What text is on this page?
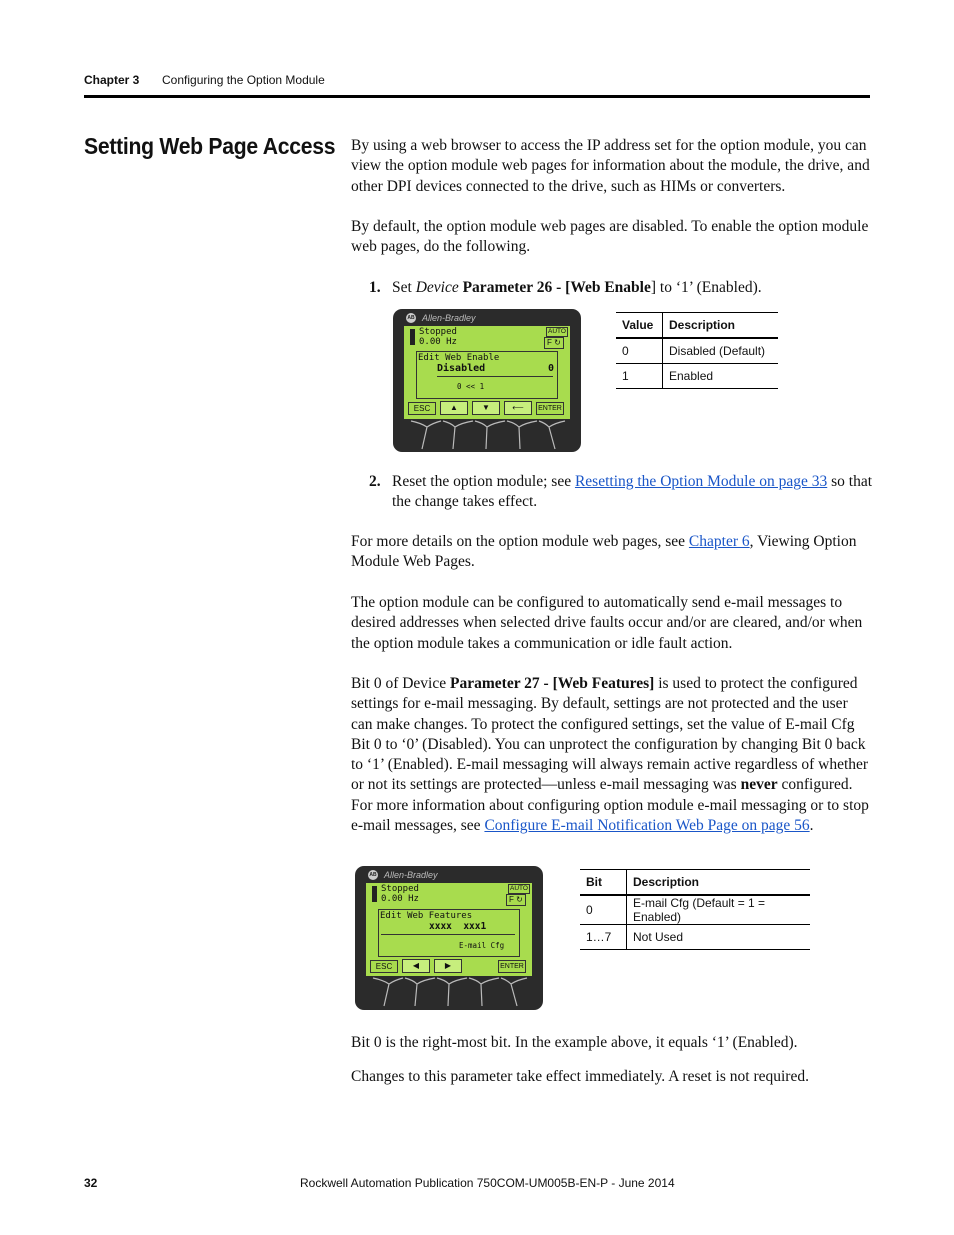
Chapter 3 Configuring the Option Module
Setting Web Page Access By using a web browser to access the IP address set for the option module, you can view the option module web pages for information about the module, the drive, and other DPI devices connected to the drive, such as HIMs or converters.
By default, the option module web pages are disabled. To enable the option module web pages, do the following.
1. Set Device Parameter 26 - [Web Enable] to ‘1’ (Enabled).
AB Allen-Bradley
Stopped
0.00 Hz
AUTO
F ↻
Edit Web Enable
Disabled	0
0 << 1
ESC	▲	▼	⟵	ENTER
Value	Description
0	Disabled (Default)
1	Enabled
2. Reset the option module; see Resetting the Option Module on page 33 so that the change takes effect.
For more details on the option module web pages, see Chapter 6, Viewing Option Module Web Pages.
The option module can be configured to automatically send e-mail messages to desired addresses when selected drive faults occur and/or are cleared, and/or when the option module takes a communication or idle fault action.
Bit 0 of Device Parameter 27 - [Web Features] is used to protect the configured settings for e-mail messaging. By default, settings are not protected and the user can make changes. To protect the configured settings, set the value of E-mail Cfg Bit 0 to ‘0’ (Disabled). You can unprotect the configuration by changing Bit 0 back to ‘1’ (Enabled). E-mail messaging will always remain active regardless of whether or not its settings are protected—unless e-mail messaging was never configured. For more information about configuring option module e-mail messaging or to stop e-mail messages, see Configure E-mail Notification Web Page on page 56.
AB Allen-Bradley
Stopped
0.00 Hz
AUTO
F ↻
Edit Web Features
xxxx  xxx1
E-mail Cfg
ESC	◀	▶	ENTER
Bit	Description
0	E-mail Cfg (Default = 1 = Enabled)
1…7	Not Used
Bit 0 is the right-most bit. In the example above, it equals ‘1’ (Enabled).
Changes to this parameter take effect immediately. A reset is not required.
32	Rockwell Automation Publication 750COM-UM005B-EN-P - June 2014
